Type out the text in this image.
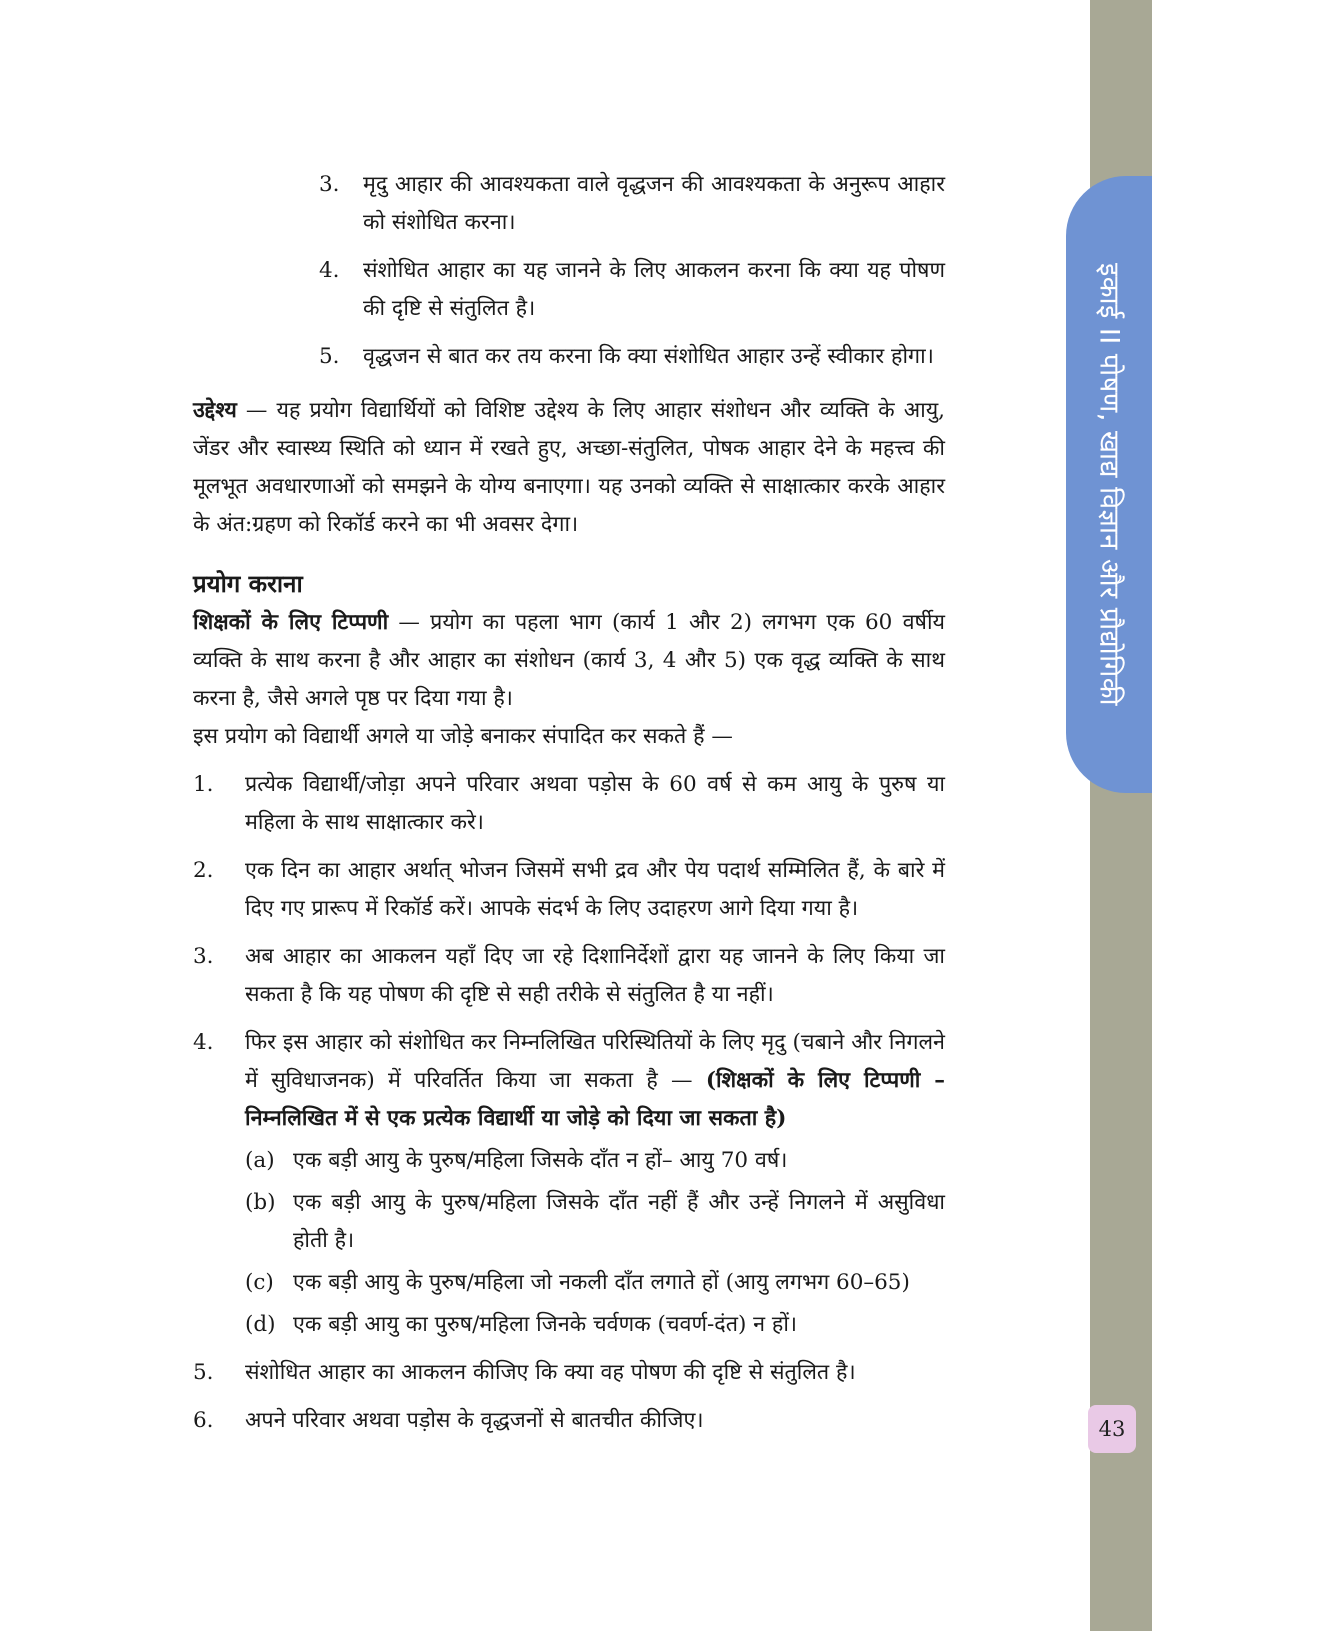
इकाई II पोषण, खाद्य विज्ञान और प्रौद्योगिकी
43
3.	मृदु आहार की आवश्यकता वाले वृद्धजन की आवश्यकता के अनुरूप आहार को संशोधित करना।
4.	संशोधित आहार का यह जानने के लिए आकलन करना कि क्या यह पोषण की दृष्टि से संतुलित है।
5.	वृद्धजन से बात कर तय करना कि क्या संशोधित आहार उन्हें स्वीकार होगा।

उद्देश्य — यह प्रयोग विद्यार्थियों को विशिष्ट उद्देश्य के लिए आहार संशोधन और व्यक्ति के आयु, जेंडर और स्वास्थ्य स्थिति को ध्यान में रखते हुए, अच्छा-संतुलित, पोषक आहार देने के महत्त्व की मूलभूत अवधारणाओं को समझने के योग्य बनाएगा। यह उनको व्यक्ति से साक्षात्कार करके आहार के अंत:ग्रहण को रिकॉर्ड करने का भी अवसर देगा।

प्रयोग कराना

शिक्षकों के लिए टिप्पणी — प्रयोग का पहला भाग (कार्य 1 और 2) लगभग एक 60 वर्षीय व्यक्ति के साथ करना है और आहार का संशोधन (कार्य 3, 4 और 5) एक वृद्ध व्यक्ति के साथ करना है, जैसे अगले पृष्ठ पर दिया गया है।

इस प्रयोग को विद्यार्थी अगले या जोड़े बनाकर संपादित कर सकते हैं —

1.	प्रत्येक विद्यार्थी/जोड़ा अपने परिवार अथवा पड़ोस के 60 वर्ष से कम आयु के पुरुष या महिला के साथ साक्षात्कार करे।
2.	एक दिन का आहार अर्थात् भोजन जिसमें सभी द्रव और पेय पदार्थ सम्मिलित हैं, के बारे में दिए गए प्रारूप में रिकॉर्ड करें। आपके संदर्भ के लिए उदाहरण आगे दिया गया है।
3.	अब आहार का आकलन यहाँ दिए जा रहे दिशानिर्देशों द्वारा यह जानने के लिए किया जा सकता है कि यह पोषण की दृष्टि से सही तरीके से संतुलित है या नहीं।
4.	फिर इस आहार को संशोधित कर निम्नलिखित परिस्थितियों के लिए मृदु (चबाने और निगलने में सुविधाजनक) में परिवर्तित किया जा सकता है — (शिक्षकों के लिए टिप्पणी – निम्नलिखित में से एक प्रत्येक विद्यार्थी या जोड़े को दिया जा सकता है)
(a) एक बड़ी आयु के पुरुष/महिला जिसके दाँत न हों– आयु 70 वर्ष।
(b) एक बड़ी आयु के पुरुष/महिला जिसके दाँत नहीं हैं और उन्हें निगलने में असुविधा होती है।
(c) एक बड़ी आयु के पुरुष/महिला जो नकली दाँत लगाते हों (आयु लगभग 60–65)
(d) एक बड़ी आयु का पुरुष/महिला जिनके चर्वणक (चवर्ण-दंत) न हों।
5.	संशोधित आहार का आकलन कीजिए कि क्या वह पोषण की दृष्टि से संतुलित है।
6.	अपने परिवार अथवा पड़ोस के वृद्धजनों से बातचीत कीजिए।
